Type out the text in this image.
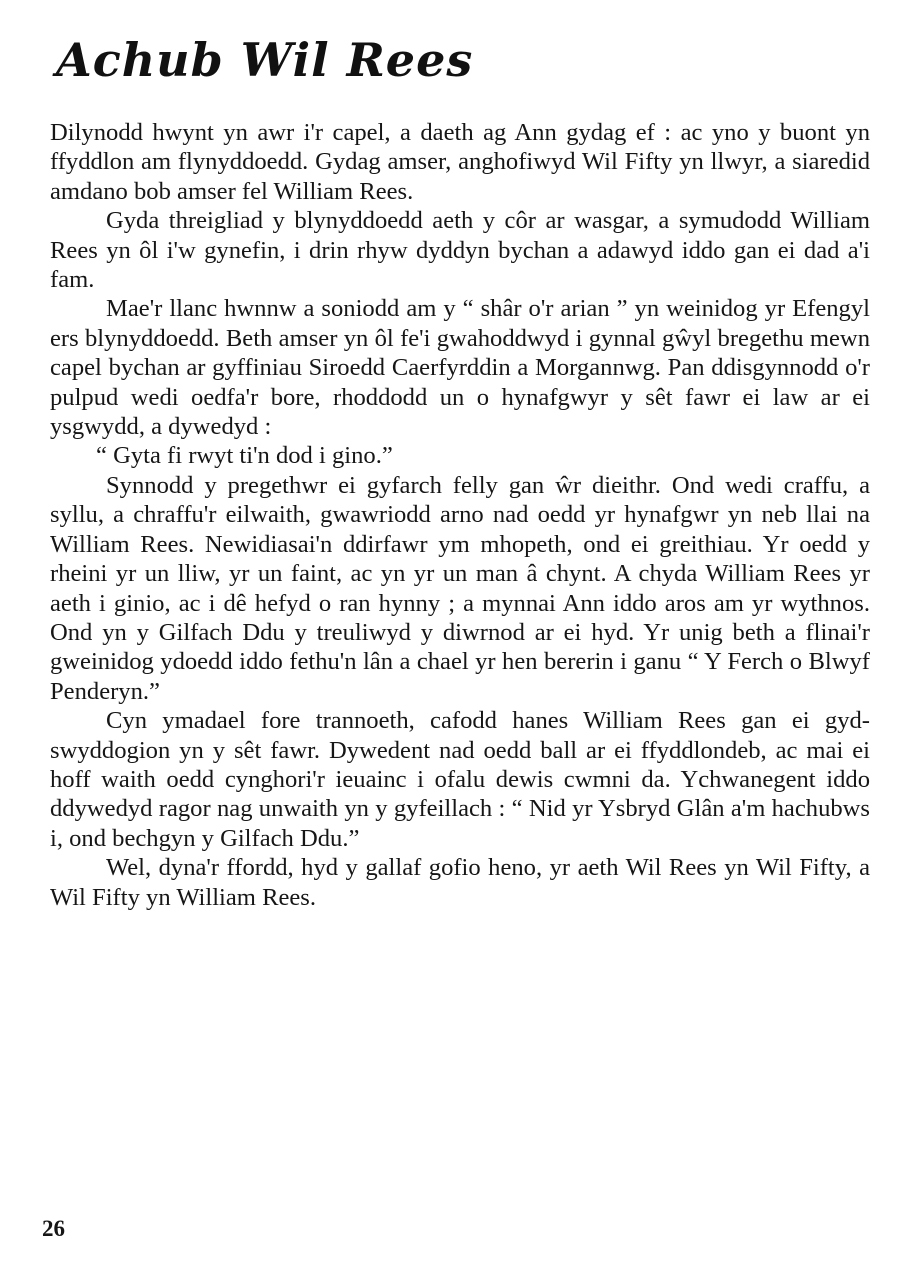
Achub Wil Rees

Dilynodd hwynt yn awr i'r capel, a daeth ag Ann gydag ef : ac yno y buont yn ffyddlon am flynyddoedd. Gydag amser, anghofiwyd Wil Fifty yn llwyr, a siaredid amdano bob amser fel William Rees.

Gyda threigliad y blynyddoedd aeth y côr ar wasgar, a symudodd William Rees yn ôl i'w gynefin, i drin rhyw dyddyn bychan a adawyd iddo gan ei dad a'i fam.

Mae'r llanc hwnnw a soniodd am y “ shâr o'r arian ” yn weinidog yr Efengyl ers blynyddoedd. Beth amser yn ôl fe'i gwahoddwyd i gynnal gŵyl bregethu mewn capel bychan ar gyffiniau Siroedd Caerfyrddin a Morgannwg. Pan ddisgynnodd o'r pulpud wedi oedfa'r bore, rhoddodd un o hynafgwyr y sêt fawr ei law ar ei ysgwydd, a dywedyd :

“ Gyta fi rwyt ti'n dod i gino.”

Synnodd y pregethwr ei gyfarch felly gan ŵr dieithr. Ond wedi craffu, a syllu, a chraffu'r eilwaith, gwawriodd arno nad oedd yr hynafgwr yn neb llai na William Rees. Newidiasai'n ddirfawr ym mhopeth, ond ei greithiau. Yr oedd y rheini yr un lliw, yr un faint, ac yn yr un man â chynt. A chyda William Rees yr aeth i ginio, ac i dê hefyd o ran hynny ; a mynnai Ann iddo aros am yr wythnos. Ond yn y Gilfach Ddu y treuliwyd y diwrnod ar ei hyd. Yr unig beth a flinai'r gweinidog ydoedd iddo fethu'n lân a chael yr hen bererin i ganu “ Y Ferch o Blwyf Penderyn.”

Cyn ymadael fore trannoeth, cafodd hanes William Rees gan ei gyd-swyddogion yn y sêt fawr. Dywedent nad oedd ball ar ei ffyddlondeb, ac mai ei hoff waith oedd cynghori'r ieuainc i ofalu dewis cwmni da. Ychwanegent iddo ddywedyd ragor nag unwaith yn y gyfeillach : “ Nid yr Ysbryd Glân a'm hachubws i, ond bechgyn y Gilfach Ddu.”

Wel, dyna'r ffordd, hyd y gallaf gofio heno, yr aeth Wil Rees yn Wil Fifty, a Wil Fifty yn William Rees.

26
